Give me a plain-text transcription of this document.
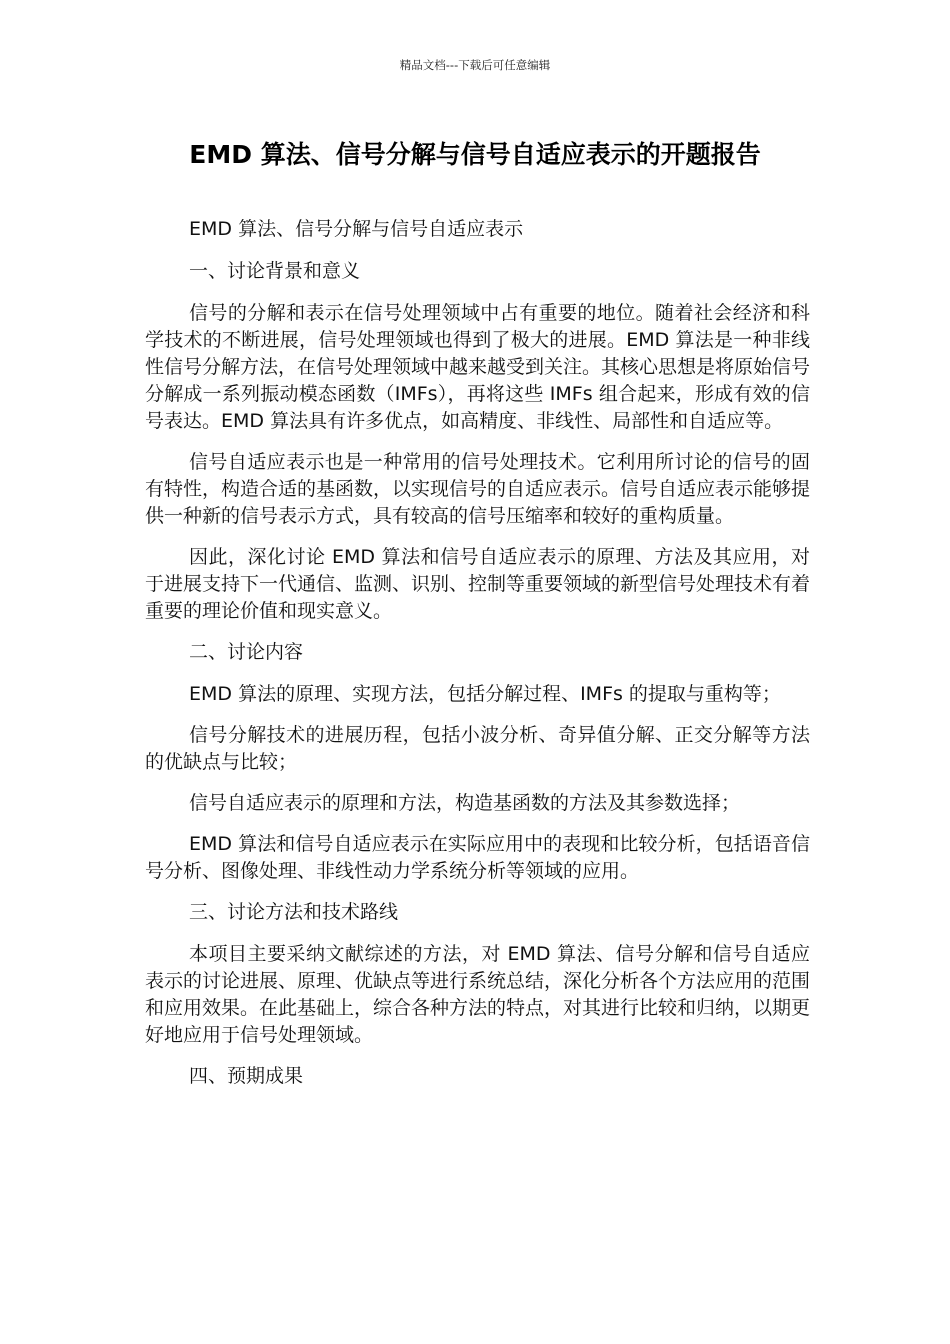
精品文档---下载后可任意编辑
EMD 算法、信号分解与信号自适应表示的开题报告

EMD 算法、信号分解与信号自适应表示

一、讨论背景和意义

信号的分解和表示在信号处理领域中占有重要的地位。随着社会经济和科学技术的不断进展，信号处理领域也得到了极大的进展。EMD 算法是一种非线性信号分解方法，在信号处理领域中越来越受到关注。其核心思想是将原始信号分解成一系列振动模态函数（IMFs），再将这些 IMFs 组合起来，形成有效的信号表达。EMD 算法具有许多优点，如高精度、非线性、局部性和自适应等。

信号自适应表示也是一种常用的信号处理技术。它利用所讨论的信号的固有特性，构造合适的基函数，以实现信号的自适应表示。信号自适应表示能够提供一种新的信号表示方式，具有较高的信号压缩率和较好的重构质量。

因此，深化讨论 EMD 算法和信号自适应表示的原理、方法及其应用，对于进展支持下一代通信、监测、识别、控制等重要领域的新型信号处理技术有着重要的理论价值和现实意义。

二、讨论内容

EMD 算法的原理、实现方法，包括分解过程、IMFs 的提取与重构等；

信号分解技术的进展历程，包括小波分析、奇异值分解、正交分解等方法的优缺点与比较；

信号自适应表示的原理和方法，构造基函数的方法及其参数选择；

EMD 算法和信号自适应表示在实际应用中的表现和比较分析，包括语音信号分析、图像处理、非线性动力学系统分析等领域的应用。

三、讨论方法和技术路线

本项目主要采纳文献综述的方法，对 EMD 算法、信号分解和信号自适应表示的讨论进展、原理、优缺点等进行系统总结，深化分析各个方法应用的范围和应用效果。在此基础上，综合各种方法的特点，对其进行比较和归纳，以期更好地应用于信号处理领域。

四、预期成果
